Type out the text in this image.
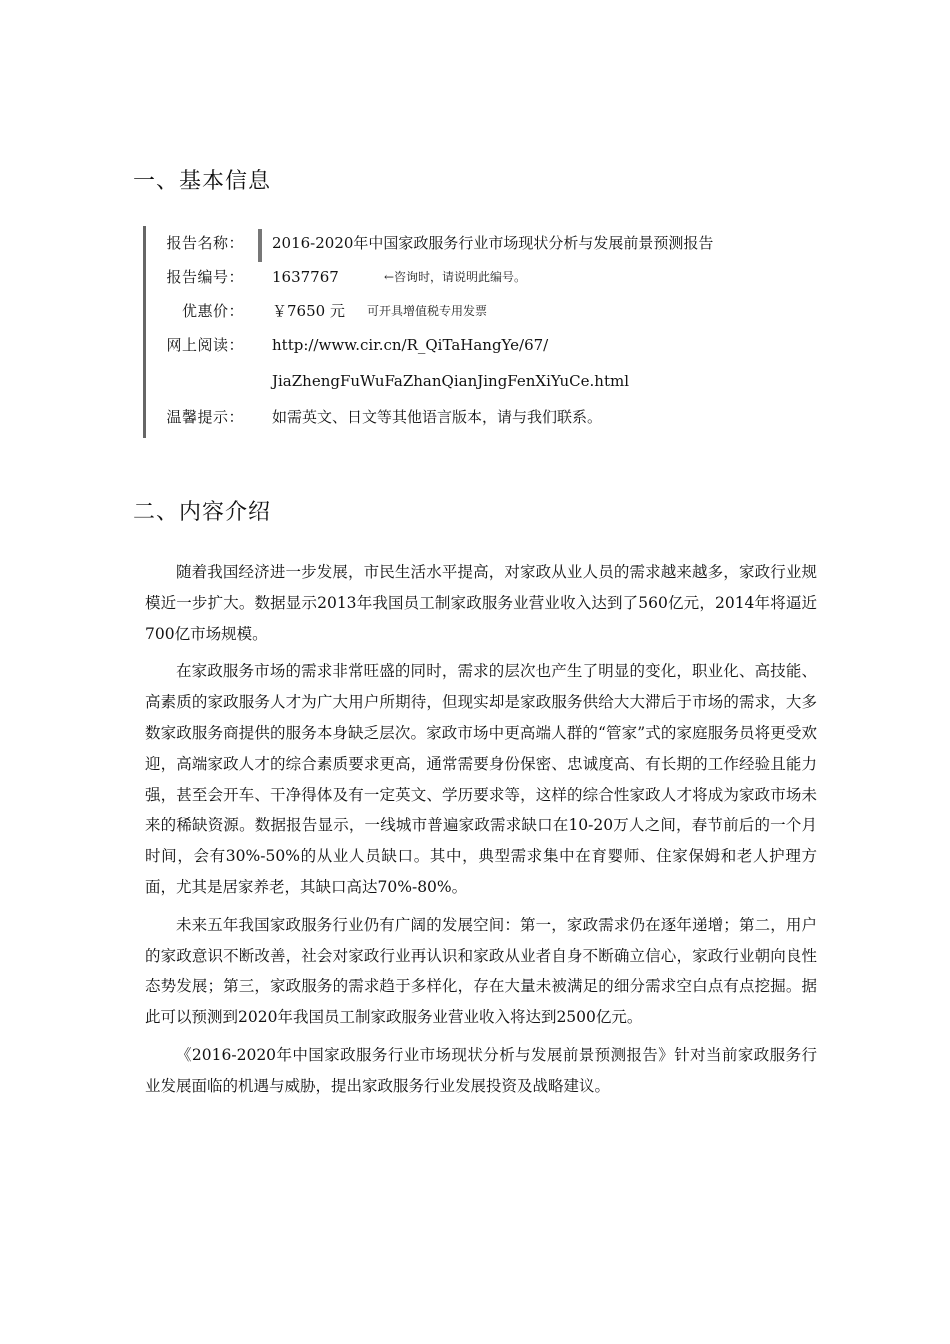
一、基本信息
报告名称： 2016-2020年中国家政服务行业市场现状分析与发展前景预测报告
报告编号： 1637767	←咨询时，请说明此编号。
优惠价： ￥7650 元 可开具增值税专用发票
网上阅读： http://www.cir.cn/R_QiTaHangYe/67/
JiaZhengFuWuFaZhanQianJingFenXiYuCe.html
温馨提示： 如需英文、日文等其他语言版本，请与我们联系。
二、内容介绍

随着我国经济进一步发展，市民生活水平提高，对家政从业人员的需求越来越多，家政行业规模近一步扩大。数据显示2013年我国员工制家政服务业营业收入达到了560亿元，2014年将逼近700亿市场规模。

在家政服务市场的需求非常旺盛的同时，需求的层次也产生了明显的变化，职业化、高技能、高素质的家政服务人才为广大用户所期待，但现实却是家政服务供给大大滞后于市场的需求，大多数家政服务商提供的服务本身缺乏层次。家政市场中更高端人群的“管家”式的家庭服务员将更受欢迎，高端家政人才的综合素质要求更高，通常需要身份保密、忠诚度高、有长期的工作经验且能力强，甚至会开车、干净得体及有一定英文、学历要求等，这样的综合性家政人才将成为家政市场未来的稀缺资源。数据报告显示，一线城市普遍家政需求缺口在10-20万人之间，春节前后的一个月时间，会有30%-50%的从业人员缺口。其中，典型需求集中在育婴师、住家保姆和老人护理方面，尤其是居家养老，其缺口高达70%-80%。

未来五年我国家政服务行业仍有广阔的发展空间：第一，家政需求仍在逐年递增；第二，用户的家政意识不断改善，社会对家政行业再认识和家政从业者自身不断确立信心，家政行业朝向良性态势发展；第三，家政服务的需求趋于多样化，存在大量未被满足的细分需求空白点有点挖掘。据此可以预测到2020年我国员工制家政服务业营业收入将达到2500亿元。

《2016-2020年中国家政服务行业市场现状分析与发展前景预测报告》针对当前家政服务行业发展面临的机遇与威胁，提出家政服务行业发展投资及战略建议。
